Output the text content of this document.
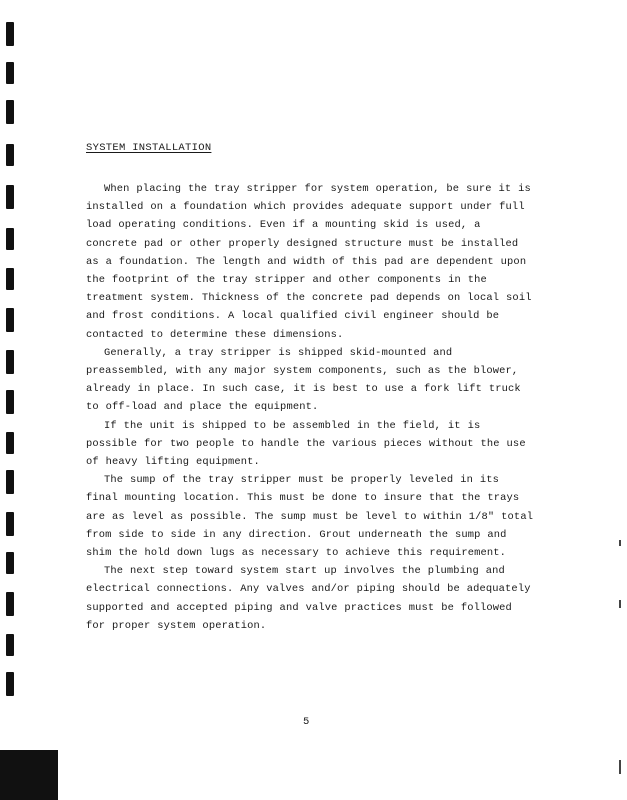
SYSTEM INSTALLATION

When placing the tray stripper for system operation, be sure it is installed on a foundation which provides adequate support under full load operating conditions. Even if a mounting skid is used, a concrete pad or other properly designed structure must be installed as a foundation. The length and width of this pad are dependent upon the footprint of the tray stripper and other components in the treatment system. Thickness of the concrete pad depends on local soil and frost conditions. A local qualified civil engineer should be contacted to determine these dimensions.

Generally, a tray stripper is shipped skid-mounted and preassembled, with any major system components, such as the blower, already in place. In such case, it is best to use a fork lift truck to off-load and place the equipment.

If the unit is shipped to be assembled in the field, it is possible for two people to handle the various pieces without the use of heavy lifting equipment.

The sump of the tray stripper must be properly leveled in its final mounting location. This must be done to insure that the trays are as level as possible. The sump must be level to within 1/8" total from side to side in any direction. Grout underneath the sump and shim the hold down lugs as necessary to achieve this requirement.

The next step toward system start up involves the plumbing and electrical connections. Any valves and/or piping should be adequately supported and accepted piping and valve practices must be followed for proper system operation.

5
